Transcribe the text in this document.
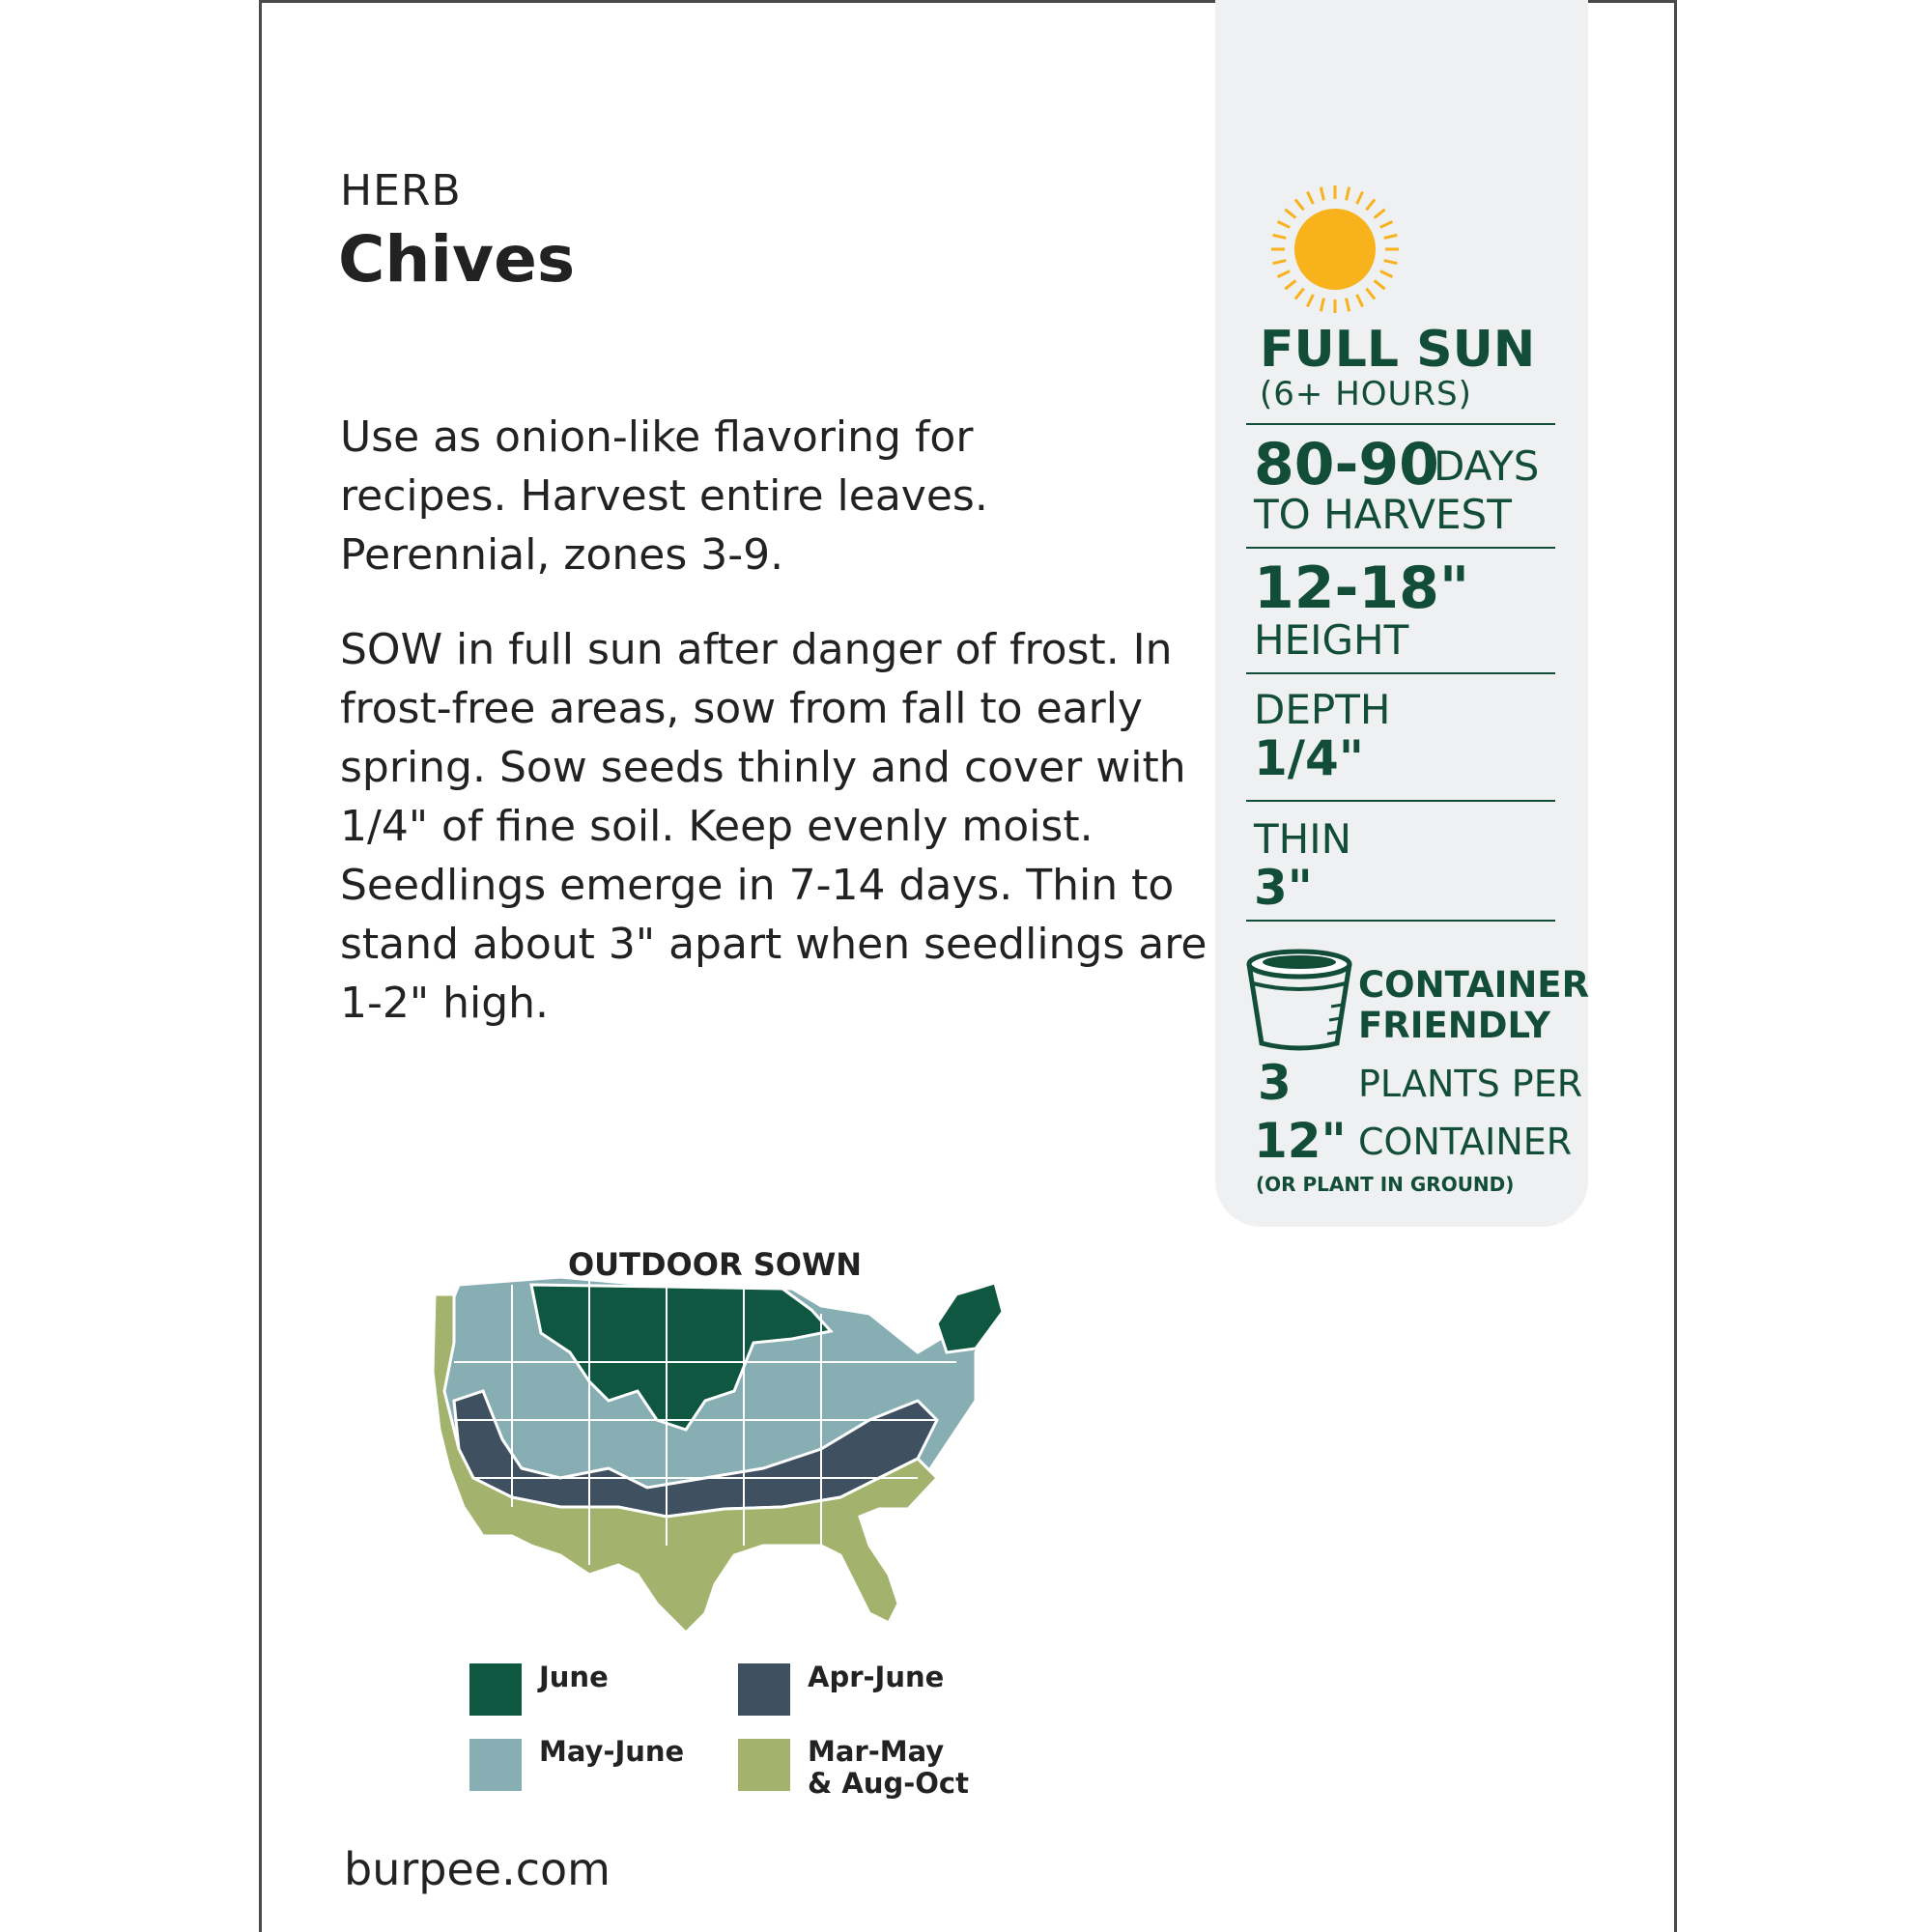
HERB
Chives
Use as onion-like flavoring for recipes. Harvest entire leaves. Perennial, zones 3-9.
SOW in full sun after danger of frost. In frost-free areas, sow from fall to early spring. Sow seeds thinly and cover with 1/4" of fine soil. Keep evenly moist. Seedlings emerge in 7-14 days. Thin to stand about 3" apart when seedlings are 1-2" high.
FULL SUN
(6+ HOURS)
80-90
DAYS
TO HARVEST
12-18"
HEIGHT
DEPTH
1/4"
THIN
3"
CONTAINER
FRIENDLY
3 PLANTS PER
12" CONTAINER
(OR PLANT IN GROUND)
OUTDOOR SOWN
June	Apr-June
May-June	Mar-May
& Aug-Oct
burpee.com
